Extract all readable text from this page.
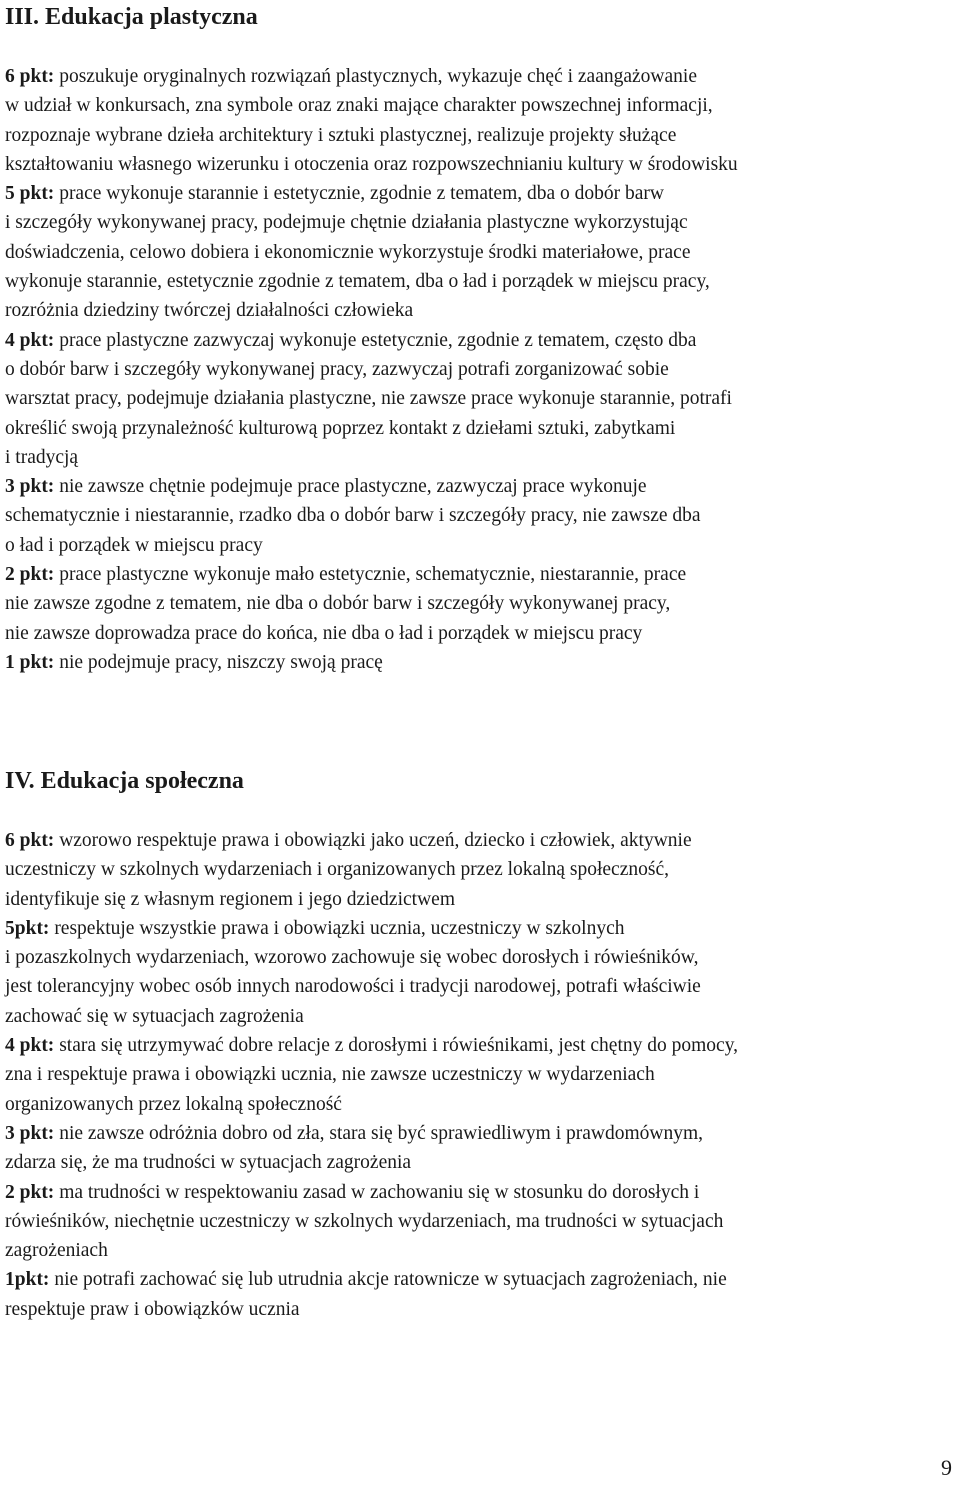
III. Edukacja plastyczna
6 pkt: poszukuje oryginalnych rozwiązań plastycznych, wykazuje chęć i zaangażowanie
w udział w konkursach, zna symbole oraz znaki mające charakter powszechnej informacji,
rozpoznaje wybrane dzieła architektury i sztuki plastycznej, realizuje projekty służące
kształtowaniu własnego wizerunku i otoczenia oraz rozpowszechnianiu kultury w środowisku
5 pkt: prace wykonuje starannie i estetycznie, zgodnie z tematem, dba o dobór barw
i szczegóły wykonywanej pracy, podejmuje chętnie działania plastyczne wykorzystując
doświadczenia, celowo dobiera i ekonomicznie wykorzystuje środki materiałowe, prace
wykonuje starannie, estetycznie zgodnie z tematem, dba o ład i porządek w miejscu pracy,
rozróżnia dziedziny twórczej działalności człowieka
4 pkt: prace plastyczne zazwyczaj wykonuje estetycznie, zgodnie z tematem, często dba
o dobór barw i szczegóły wykonywanej pracy, zazwyczaj potrafi zorganizować sobie
warsztat pracy, podejmuje działania plastyczne, nie zawsze prace wykonuje starannie, potrafi
określić swoją przynależność kulturową poprzez kontakt z dziełami sztuki, zabytkami
i tradycją
3 pkt: nie zawsze chętnie podejmuje prace plastyczne, zazwyczaj prace wykonuje
schematycznie i niestarannie, rzadko dba o dobór barw i szczegóły pracy, nie zawsze dba
o ład i porządek w miejscu pracy
2 pkt: prace plastyczne wykonuje mało estetycznie, schematycznie, niestarannie, prace
nie zawsze zgodne z tematem, nie dba o dobór barw i szczegóły wykonywanej pracy,
nie zawsze doprowadza prace do końca, nie dba o ład i porządek w miejscu pracy
1 pkt: nie podejmuje pracy, niszczy swoją pracę
IV. Edukacja społeczna
6 pkt: wzorowo respektuje prawa i obowiązki jako uczeń, dziecko i człowiek, aktywnie
uczestniczy w szkolnych wydarzeniach i organizowanych przez lokalną społeczność,
identyfikuje się z własnym regionem i jego dziedzictwem
5pkt: respektuje wszystkie prawa i obowiązki ucznia, uczestniczy w szkolnych
i pozaszkolnych wydarzeniach, wzorowo zachowuje się wobec dorosłych i rówieśników,
jest tolerancyjny wobec osób innych narodowości i tradycji narodowej, potrafi właściwie
zachować się w sytuacjach zagrożenia
4 pkt: stara się utrzymywać dobre relacje z dorosłymi i rówieśnikami, jest chętny do pomocy,
zna i respektuje prawa i obowiązki ucznia, nie zawsze uczestniczy w wydarzeniach
organizowanych przez lokalną społeczność
3 pkt: nie zawsze odróżnia dobro od zła, stara się być sprawiedliwym i prawdomównym,
zdarza się, że ma trudności w sytuacjach zagrożenia
2 pkt: ma trudności w respektowaniu zasad w zachowaniu się w stosunku do dorosłych i
rówieśników, niechętnie uczestniczy w szkolnych wydarzeniach, ma trudności w sytuacjach
zagrożeniach
1pkt: nie potrafi zachować się lub utrudnia akcje ratownicze w sytuacjach zagrożeniach, nie
respektuje praw i obowiązków ucznia
9
